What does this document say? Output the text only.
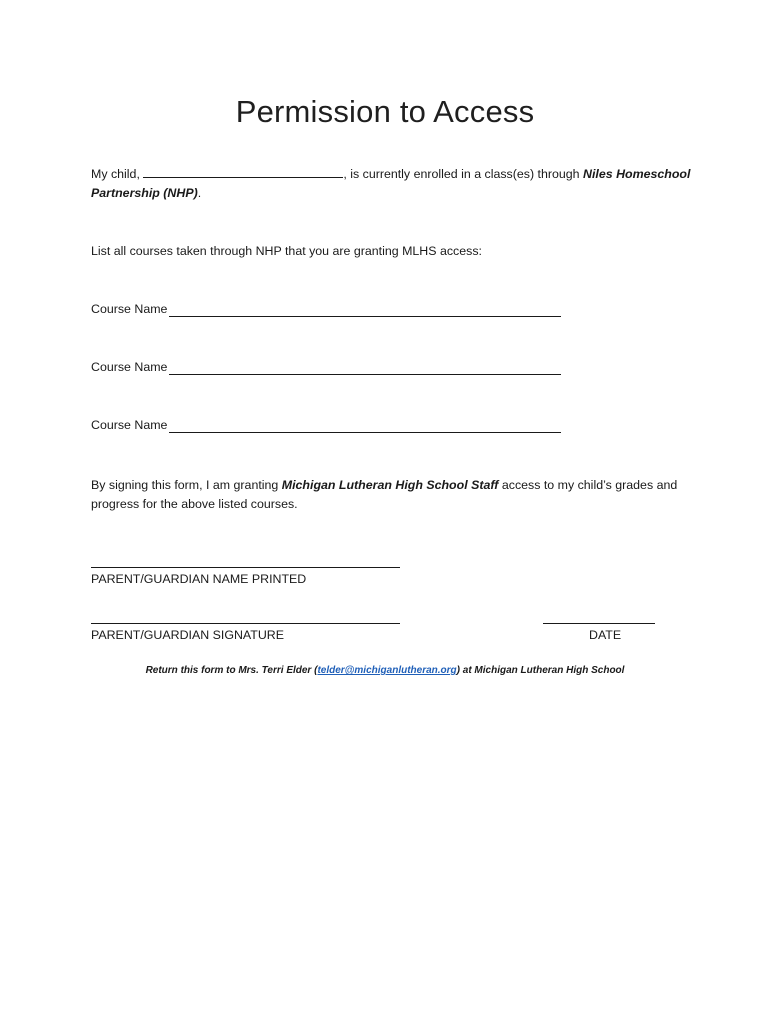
Permission to Access
My child,	, is currently enrolled in a class(es) through Niles Homeschool Partnership (NHP).
List all courses taken through NHP that you are granting MLHS access:
Course Name
Course Name
Course Name
By signing this form, I am granting Michigan Lutheran High School Staff access to my child’s grades and progress for the above listed courses.
PARENT/GUARDIAN NAME PRINTED
PARENT/GUARDIAN SIGNATURE	DATE
Return this form to Mrs. Terri Elder (telder@michiganlutheran.org) at Michigan Lutheran High School
